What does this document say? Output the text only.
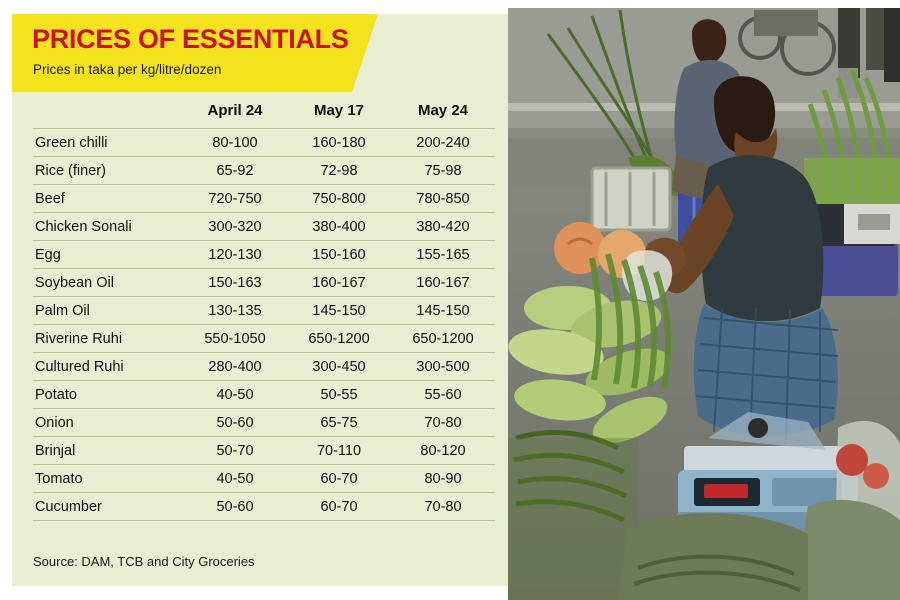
PRICES OF ESSENTIALS
Prices in taka per kg/litre/dozen
	April 24	May 17	May 24
Green chilli	80-100	160-180	200-240
Rice (finer)	65-92	72-98	75-98
Beef	720-750	750-800	780-850
Chicken Sonali	300-320	380-400	380-420
Egg	120-130	150-160	155-165
Soybean Oil	150-163	160-167	160-167
Palm Oil	130-135	145-150	145-150
Riverine Ruhi	550-1050	650-1200	650-1200
Cultured Ruhi	280-400	300-450	300-500
Potato	40-50	50-55	55-60
Onion	50-60	65-75	70-80
Brinjal	50-70	70-110	80-120
Tomato	40-50	60-70	80-90
Cucumber	50-60	60-70	70-80
Source: DAM, TCB and City Groceries
